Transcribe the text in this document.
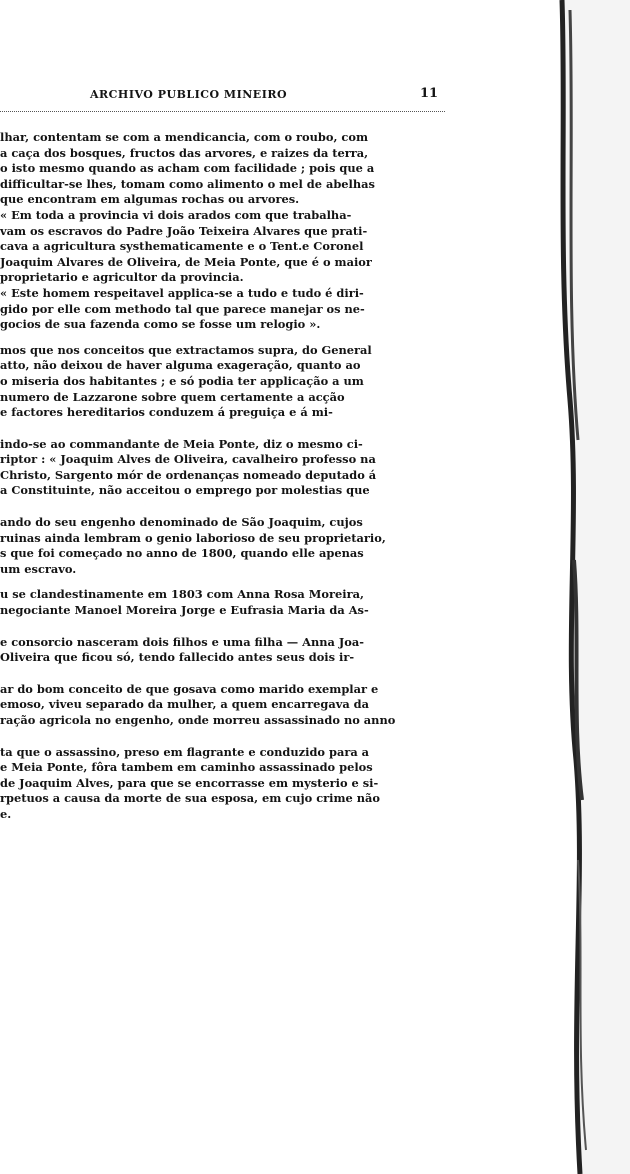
ARCHIVO PUBLICO MINEIRO	11

lhar, contentam se com a mendicancia, com o roubo, com

a caça dos bosques, fructos das arvores, e raizes da terra,

o isto mesmo quando as acham com facilidade ; pois que a

difficultar-se lhes, tomam como alimento o mel de abelhas

que encontram em algumas rochas ou arvores.

« Em toda a provincia vi dois arados com que trabalha-

vam os escravos do Padre João Teixeira Alvares que prati-

cava a agricultura systhematicamente e o Tent.e Coronel

Joaquim Alvares de Oliveira, de Meia Ponte, que é o maior

proprietario e agricultor da provincia.

« Este homem respeitavel applica-se a tudo e tudo é diri-

gido por elle com methodo tal que parece manejar os ne-

gocios de sua fazenda como se fosse um relogio ».

mos que nos conceitos que extractamos supra, do General

atto, não deixou de haver alguma exageração, quanto ao

o miseria dos habitantes ; e só podia ter applicação a um

numero de Lazzarone sobre quem certamente a acção

e factores hereditarios conduzem á preguiça e á mi-

indo-se ao commandante de Meia Ponte, diz o mesmo ci-

riptor : « Joaquim Alves de Oliveira, cavalheiro professo na

Christo, Sargento mór de ordenanças nomeado deputado á

a Constituinte, não acceitou o emprego por molestias que

ando do seu engenho denominado de São Joaquim, cujos

ruinas ainda lembram o genio laborioso de seu proprietario,

s que foi começado no anno de 1800, quando elle apenas

um escravo.

u se clandestinamente em 1803 com Anna Rosa Moreira,

negociante Manoel Moreira Jorge e Eufrasia Maria da As-

e consorcio nasceram dois filhos e uma filha — Anna Joa-

Oliveira que ficou só, tendo fallecido antes seus dois ir-

ar do bom conceito de que gosava como marido exemplar e

emoso, viveu separado da mulher, a quem encarregava da

ração agricola no engenho, onde morreu assassinado no anno

ta que o assassino, preso em flagrante e conduzido para a

e Meia Ponte, fôra tambem em caminho assassinado pelos

de Joaquim Alves, para que se encorrasse em mysterio e si-

rpetuos a causa da morte de sua esposa, em cujo crime não

e.
